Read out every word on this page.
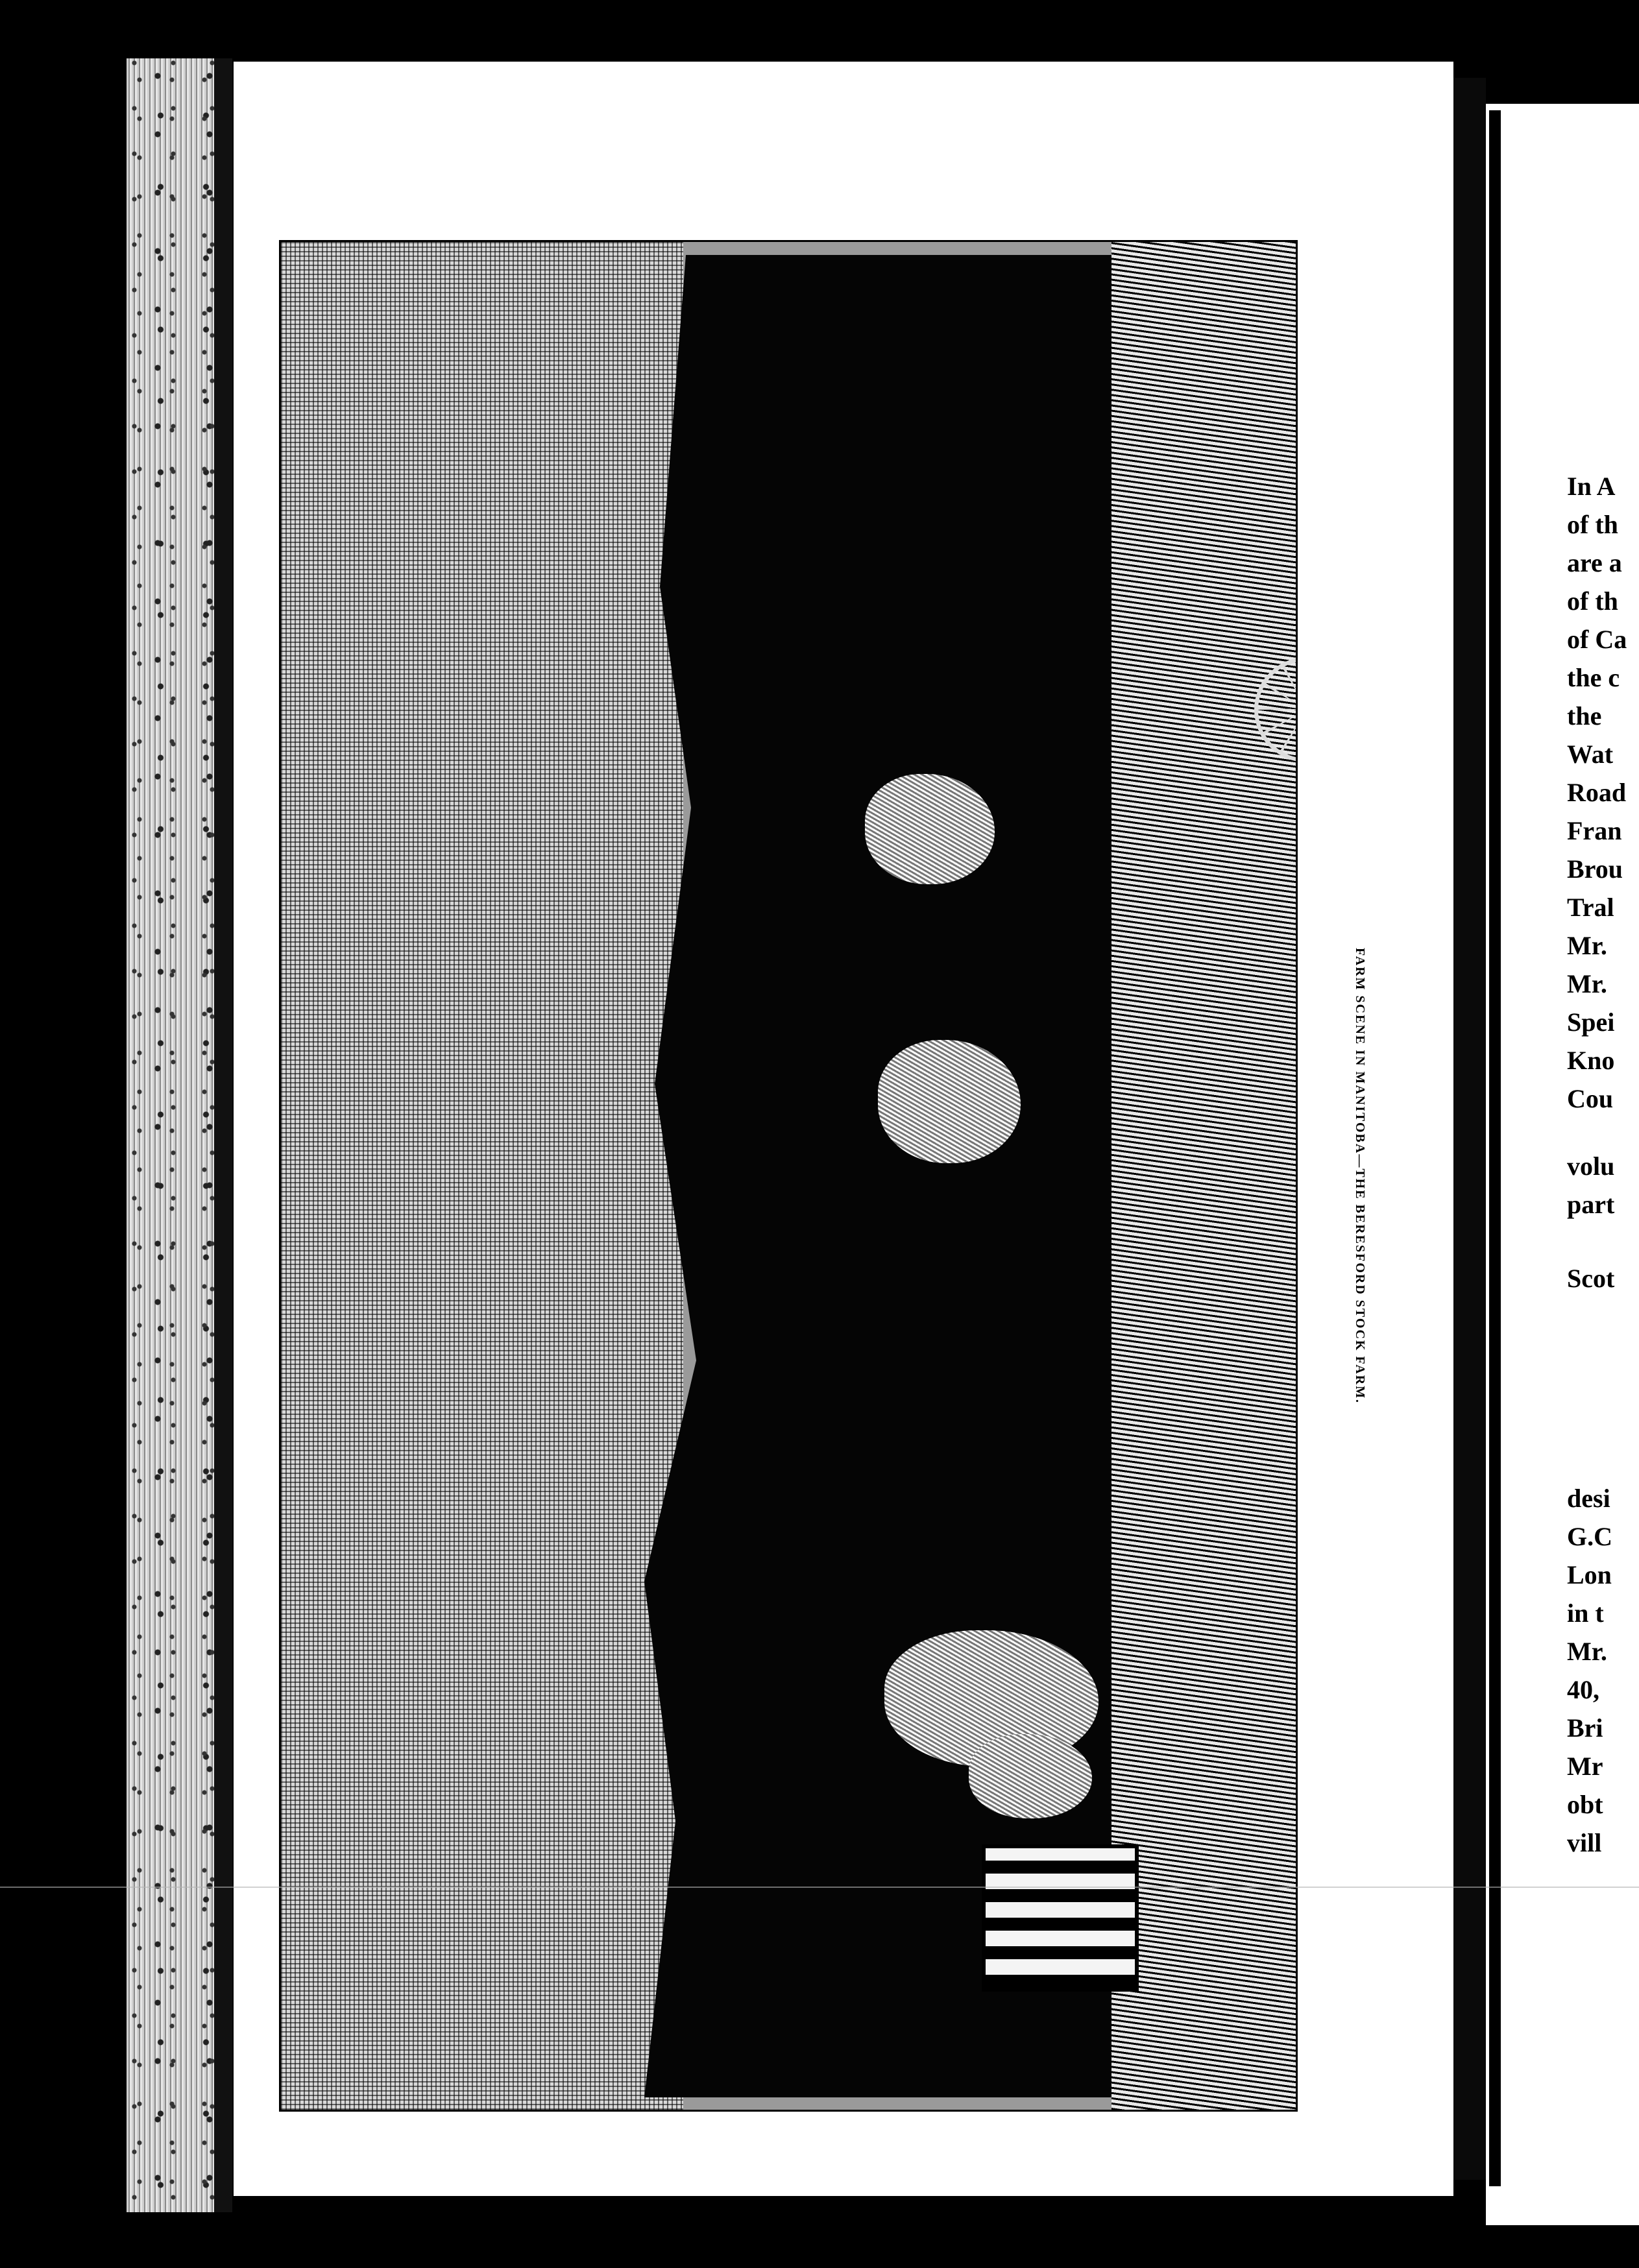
FARM SCENE IN MANITOBA—THE BERESFORD STOCK FARM.
In A
of th
are a
of th
of Ca
the c
the
Wat
Road
Fran
Brou
Tral
Mr.
Mr.
Spei
Kno
Cou
volu
part
Scot
desi
G.C
Lon
in t
Mr.
40,
Bri
Mr
obt
vill
